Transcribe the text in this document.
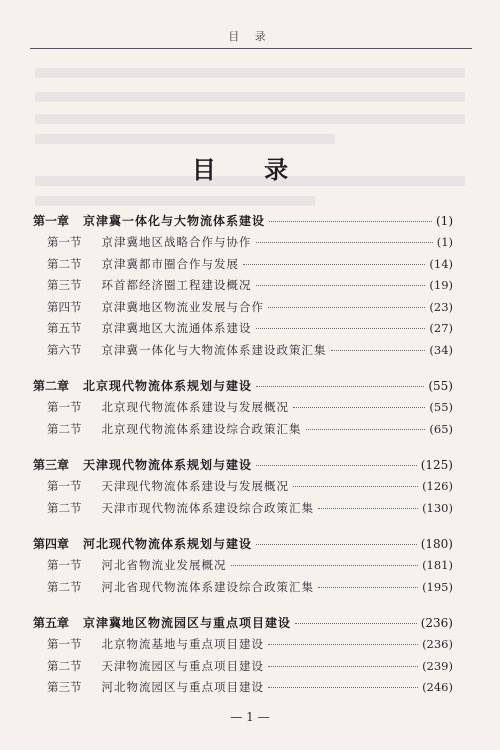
目 录
目 录
第一章 京津冀一体化与大物流体系建设	(1)
第一节 京津冀地区战略合作与协作	(1)
第二节 京津冀都市圈合作与发展	(14)
第三节 环首都经济圈工程建设概况	(19)
第四节 京津冀地区物流业发展与合作	(23)
第五节 京津冀地区大流通体系建设	(27)
第六节 京津冀一体化与大物流体系建设政策汇集	(34)
第二章 北京现代物流体系规划与建设	(55)
第一节 北京现代物流体系建设与发展概况	(55)
第二节 北京现代物流体系建设综合政策汇集	(65)
第三章 天津现代物流体系规划与建设	(125)
第一节 天津现代物流体系建设与发展概况	(126)
第二节 天津市现代物流体系建设综合政策汇集	(130)
第四章 河北现代物流体系规划与建设	(180)
第一节 河北省物流业发展概况	(181)
第二节 河北省现代物流体系建设综合政策汇集	(195)
第五章 京津冀地区物流园区与重点项目建设	(236)
第一节 北京物流基地与重点项目建设	(236)
第二节 天津物流园区与重点项目建设	(239)
第三节 河北物流园区与重点项目建设	(246)
— 1 —
